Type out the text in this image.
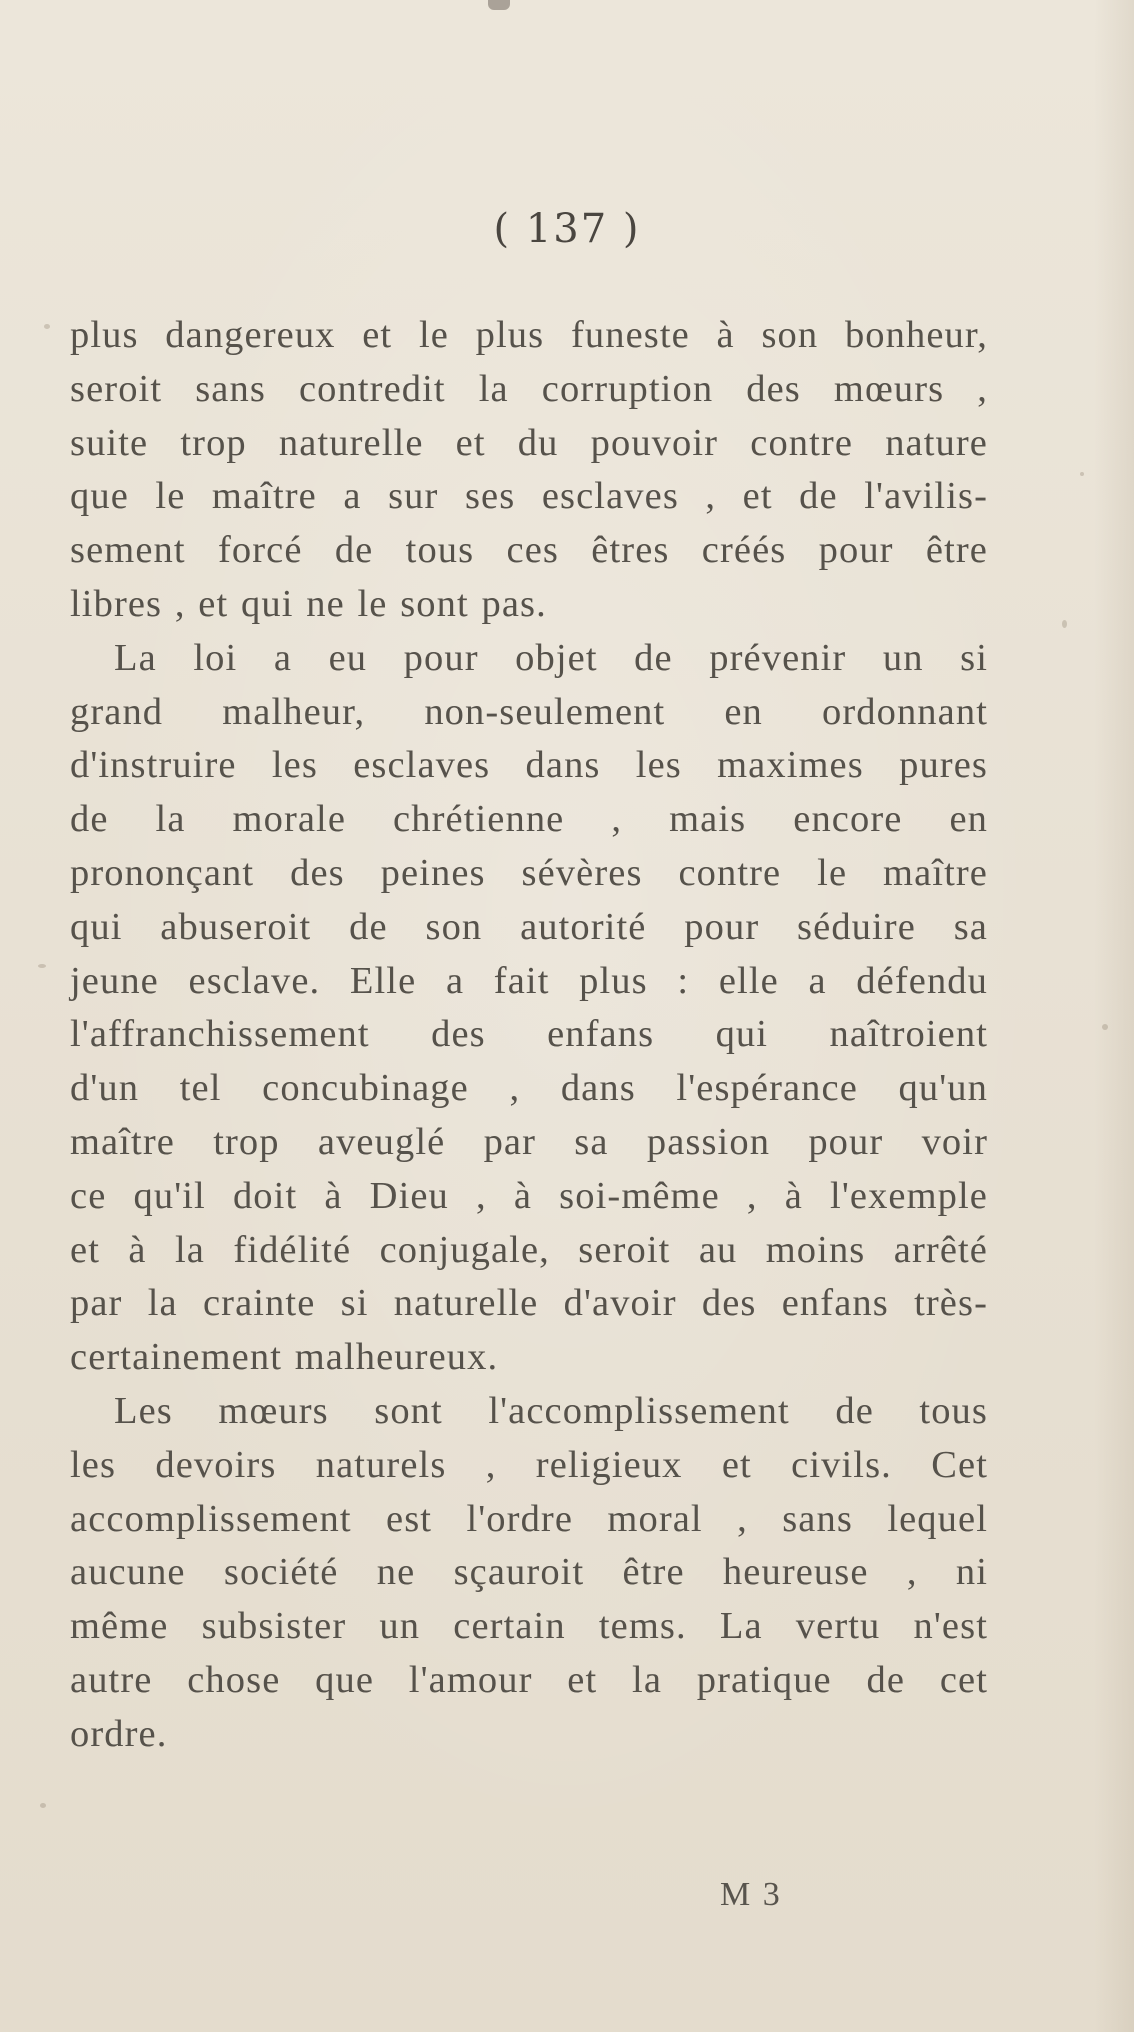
( 137 )
plus dangereux et le plus funeste à son bonheur,
seroit sans contredit la corruption des mœurs ,
suite trop naturelle et du pouvoir contre nature
que le maître a sur ses esclaves , et de l'avilis-
sement forcé de tous ces êtres créés pour être
libres , et qui ne le sont pas.
La loi a eu pour objet de prévenir un si
grand malheur, non-seulement en ordonnant
d'instruire les esclaves dans les maximes pures
de la morale chrétienne , mais encore en
prononçant des peines sévères contre le maître
qui abuseroit de son autorité pour séduire sa
jeune esclave. Elle a fait plus : elle a défendu
l'affranchissement des enfans qui naîtroient
d'un tel concubinage , dans l'espérance qu'un
maître trop aveuglé par sa passion pour voir
ce qu'il doit à Dieu , à soi-même , à l'exemple
et à la fidélité conjugale, seroit au moins arrêté
par la crainte si naturelle d'avoir des enfans très-
certainement malheureux.
Les mœurs sont l'accomplissement de tous
les devoirs naturels , religieux et civils. Cet
accomplissement est l'ordre moral , sans lequel
aucune société ne sçauroit être heureuse , ni
même subsister un certain tems. La vertu n'est
autre chose que l'amour et la pratique de cet
ordre.
M 3
